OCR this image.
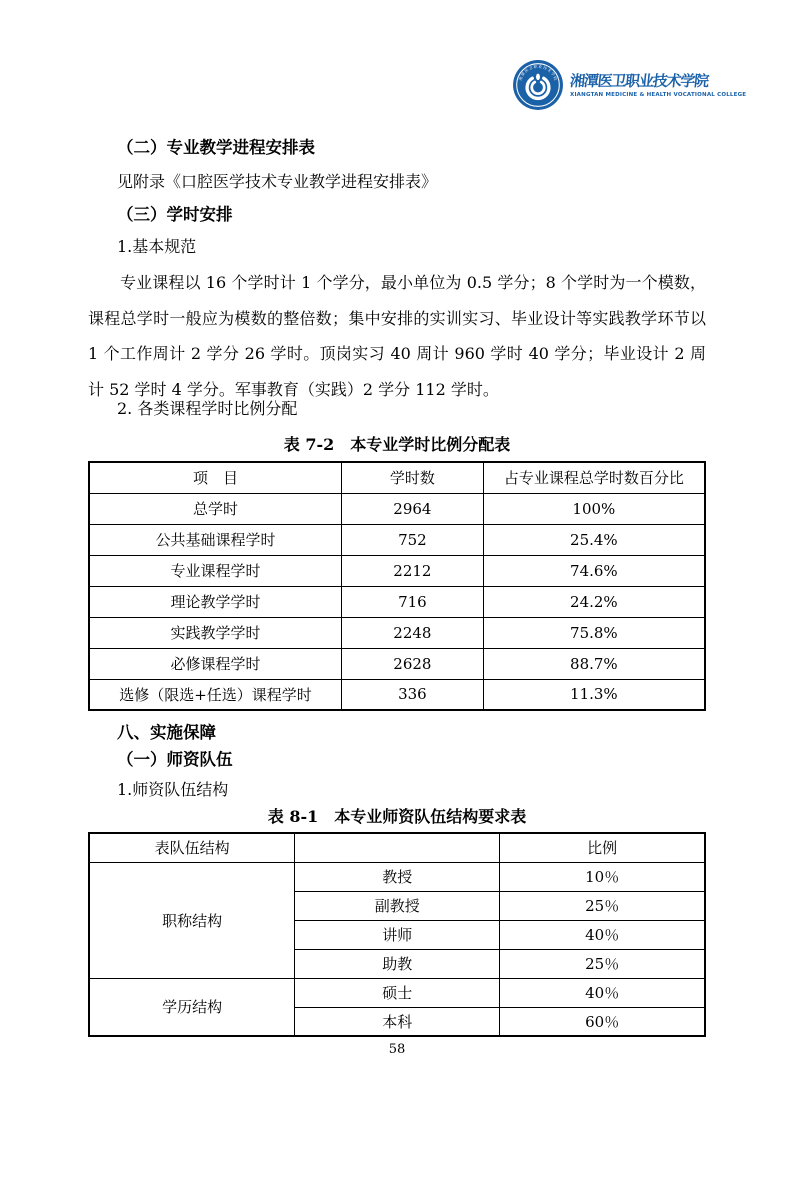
湘潭医卫职业技术学院 湘潭医卫职业技术学院
XIANGTAN MEDICINE & HEALTH VOCATIONAL COLLEGE
（二）专业教学进程安排表
见附录《口腔医学技术专业教学进程安排表》
（三）学时安排
1.基本规范
专业课程以 16 个学时计 1 个学分，最小单位为 0.5 学分；8 个学时为一个模数，课程总学时一般应为模数的整倍数；集中安排的实训实习、毕业设计等实践教学环节以 1 个工作周计 2 学分 26 学时。顶岗实习 40 周计 960 学时 40 学分；毕业设计 2 周计 52 学时 4 学分。军事教育（实践）2 学分 112 学时。
2. 各类课程学时比例分配
表 7-2　本专业学时比例分配表
项　目	学时数	占专业课程总学时数百分比
总学时	2964	100%
公共基础课程学时	752	25.4%
专业课程学时	2212	74.6%
理论教学学时	716	24.2%
实践教学学时	2248	75.8%
必修课程学时	2628	88.7%
选修（限选+任选）课程学时	336	11.3%
八、实施保障
（一）师资队伍
1.师资队伍结构
表 8-1　本专业师资队伍结构要求表
表队伍结构		比例
职称结构	教授	10％
	副教授	25％
	讲师	40％
	助教	25％
学历结构	硕士	40％
	本科	60％
58
